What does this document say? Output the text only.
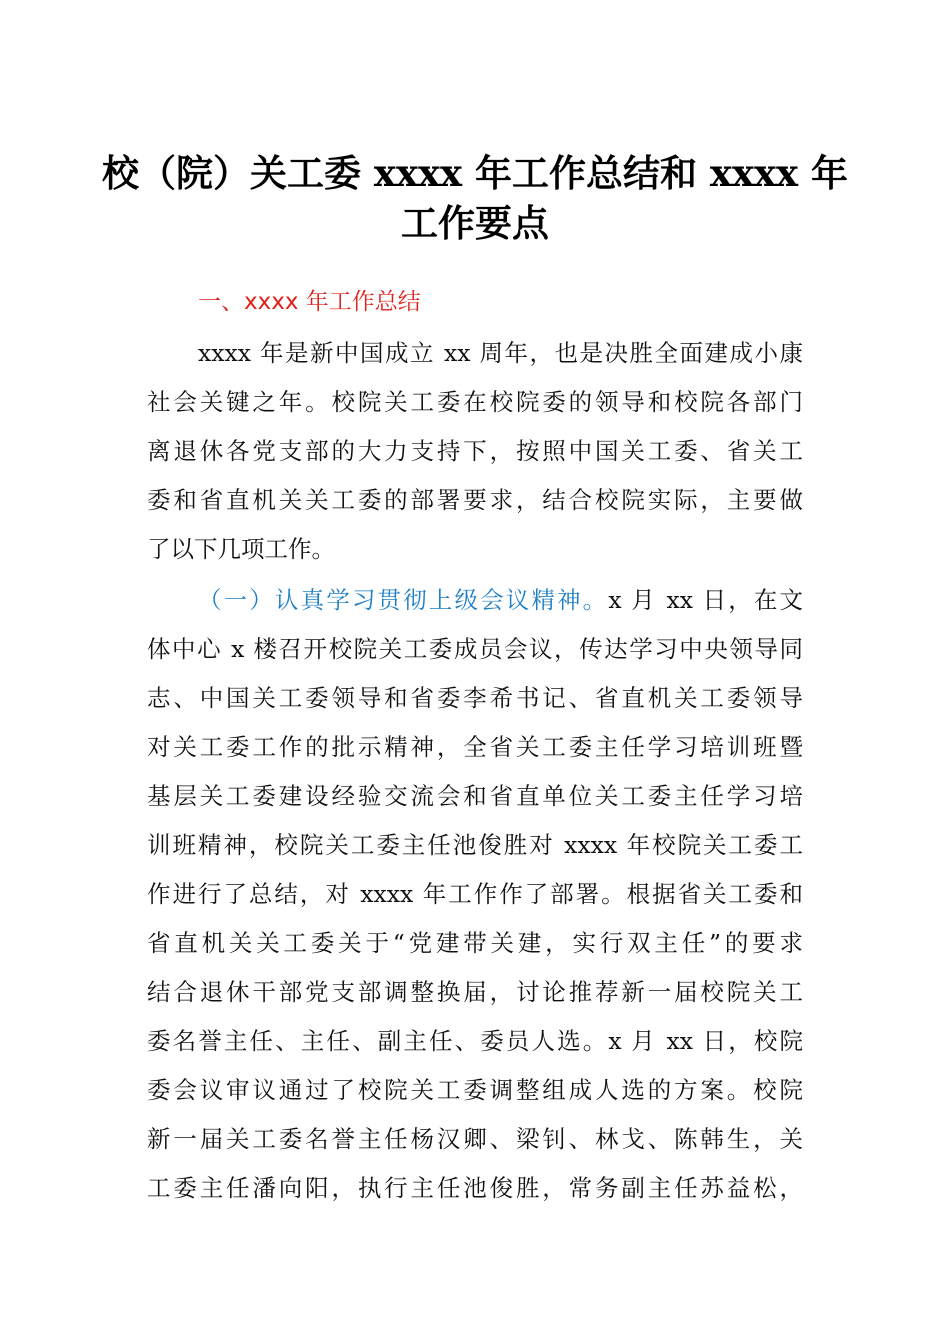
校（院）关工委 xxxx 年工作总结和 xxxx 年
工作要点
一、xxxx 年工作总结
xxxx 年是新中国成立 xx 周年，也是决胜全面建成小康
社会关键之年。校院关工委在校院委的领导和校院各部门
离退休各党支部的大力支持下，按照中国关工委、省关工
委和省直机关关工委的部署要求，结合校院实际，主要做
了以下几项工作。
（一）认真学习贯彻上级会议精神。x 月 xx 日，在文
体中心 x 楼召开校院关工委成员会议，传达学习中央领导同
志、中国关工委领导和省委李希书记、省直机关工委领导
对关工委工作的批示精神，全省关工委主任学习培训班暨
基层关工委建设经验交流会和省直单位关工委主任学习培
训班精神，校院关工委主任池俊胜对 xxxx 年校院关工委工
作进行了总结，对 xxxx 年工作作了部署。根据省关工委和
省直机关关工委关于“党建带关建，实行双主任”的要求
结合退休干部党支部调整换届，讨论推荐新一届校院关工
委名誉主任、主任、副主任、委员人选。x 月 xx 日，校院
委会议审议通过了校院关工委调整组成人选的方案。校院
新一届关工委名誉主任杨汉卿、梁钊、林戈、陈韩生，关
工委主任潘向阳，执行主任池俊胜，常务副主任苏益松，
